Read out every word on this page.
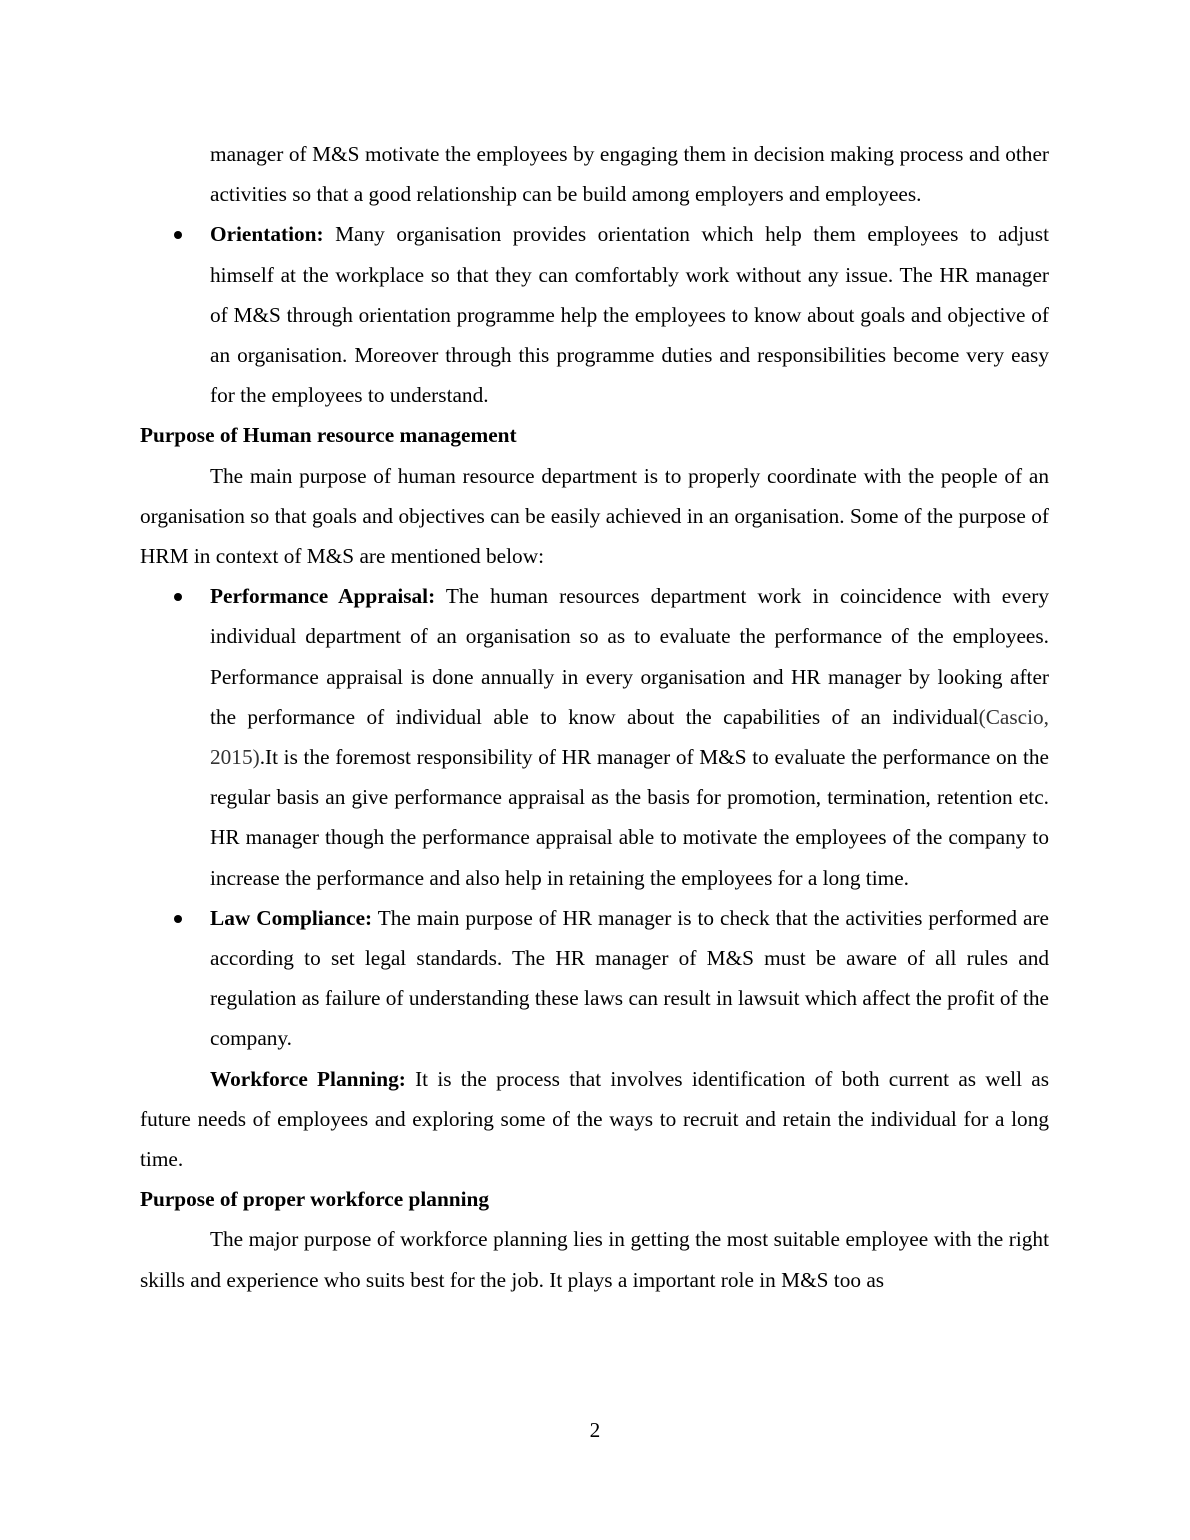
manager of M&S motivate the employees by engaging them in decision making process and other activities so that a good relationship can be build among employers and employees.

Orientation: Many organisation provides orientation which help them employees to adjust himself at the workplace so that they can comfortably work without any issue. The HR manager of M&S through orientation programme help the employees to know about goals and objective of an organisation. Moreover through this programme duties and responsibilities become very easy for the employees to understand.

Purpose of Human resource management

The main purpose of human resource department is to properly coordinate with the people of an organisation so that goals and objectives can be easily achieved in an organisation. Some of the purpose of HRM in context of M&S are mentioned below:

Performance Appraisal: The human resources department work in coincidence with every individual department of an organisation so as to evaluate the performance of the employees. Performance appraisal is done annually in every organisation and HR manager by looking after the performance of individual able to know about the capabilities of an individual(Cascio, 2015).It is the foremost responsibility of HR manager of M&S to evaluate the performance on the regular basis an give performance appraisal as the basis for promotion, termination, retention etc. HR manager though the performance appraisal able to motivate the employees of the company to increase the performance and also help in retaining the employees for a long time.
Law Compliance: The main purpose of HR manager is to check that the activities performed are according to set legal standards. The HR manager of M&S must be aware of all rules and regulation as failure of understanding these laws can result in lawsuit which affect the profit of the company.

Workforce Planning: It is the process that involves identification of both current as well as future needs of employees and exploring some of the ways to recruit and retain the individual for a long time.

Purpose of proper workforce planning

The major purpose of workforce planning lies in getting the most suitable employee with the right skills and experience who suits best for the job. It plays a important role in M&S too as

2
